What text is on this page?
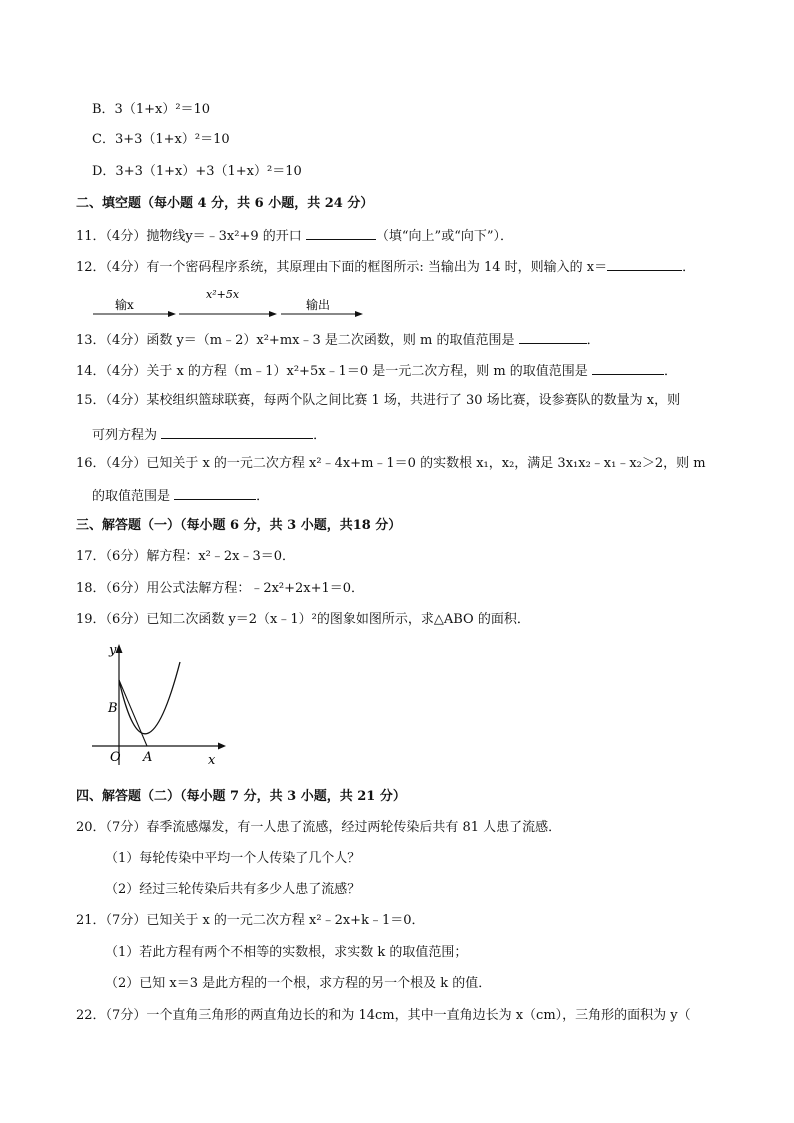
B．3（1+x）²＝10
C．3+3（1+x）²＝10
D．3+3（1+x）+3（1+x）²＝10
二、填空题（每小题 4 分，共 6 小题，共 24 分）
11．（4分）抛物线y＝﹣3x²+9 的开口	（填“向上”或“向下”）．
12．（4分）有一个密码程序系统，其原理由下面的框图所示: 当输出为 14 时，则输入的 x＝	．
输x
x²+5x
输出
13．（4分）函数 y＝（m﹣2）x²+mx﹣3 是二次函数，则 m 的取值范围是	．
14．（4分）关于 x 的方程（m﹣1）x²+5x﹣1＝0 是一元二次方程，则 m 的取值范围是	．
15．（4分）某校组织篮球联赛，每两个队之间比赛 1 场，共进行了 30 场比赛，设参赛队的数量为 x，则
可列方程为	．
16．（4分）已知关于 x 的一元二次方程 x²﹣4x+m﹣1＝0 的实数根 x₁，x₂，满足 3x₁x₂﹣x₁﹣x₂＞2，则 m
的取值范围是	．
三、解答题（一）（每小题 6 分，共 3 小题，共18 分）
17．（6分）解方程：x²﹣2x﹣3＝0．
18．（6分）用公式法解方程：﹣2x²+2x+1＝0．
19．（6分）已知二次函数 y＝2（x﹣1）²的图象如图所示，求△ABO 的面积．
y
x
B
O A
四、解答题（二）（每小题 7 分，共 3 小题，共 21 分）
20．（7分）春季流感爆发，有一人患了流感，经过两轮传染后共有 81 人患了流感．
（1）每轮传染中平均一个人传染了几个人？
（2）经过三轮传染后共有多少人患了流感？
21．（7分）已知关于 x 的一元二次方程 x²﹣2x+k﹣1＝0．
（1）若此方程有两个不相等的实数根，求实数 k 的取值范围；
（2）已知 x＝3 是此方程的一个根，求方程的另一个根及 k 的值．
22．（7分）一个直角三角形的两直角边长的和为 14cm，其中一直角边长为 x（cm），三角形的面积为 y（
